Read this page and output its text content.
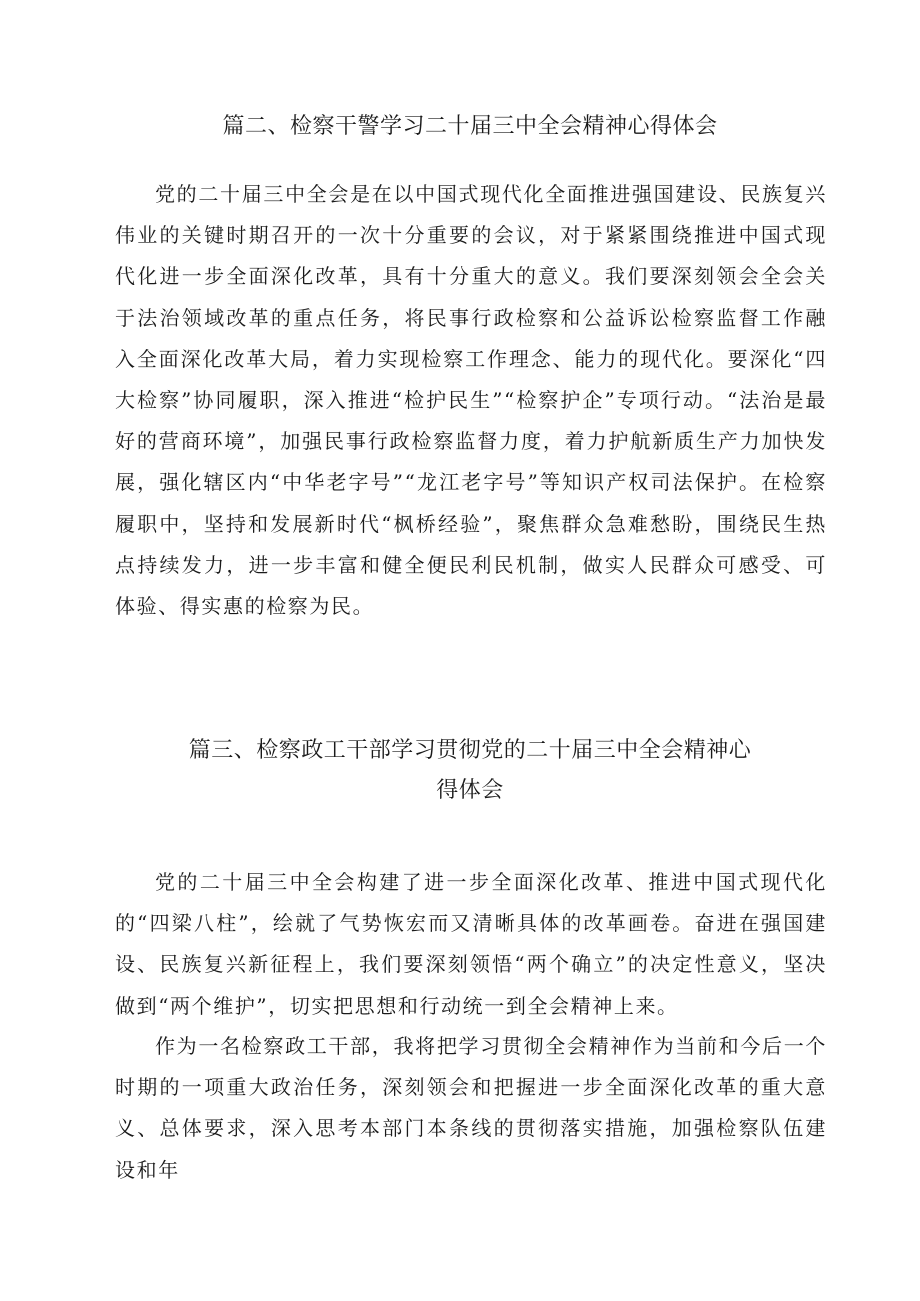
篇二、检察干警学习二十届三中全会精神心得体会

党的二十届三中全会是在以中国式现代化全面推进强国建设、民族复兴伟业的关键时期召开的一次十分重要的会议，对于紧紧围绕推进中国式现代化进一步全面深化改革，具有十分重大的意义。我们要深刻领会全会关于法治领域改革的重点任务，将民事行政检察和公益诉讼检察监督工作融入全面深化改革大局，着力实现检察工作理念、能力的现代化。要深化“四大检察”协同履职，深入推进“检护民生”“检察护企”专项行动。“法治是最好的营商环境”，加强民事行政检察监督力度，着力护航新质生产力加快发展，强化辖区内“中华老字号”“龙江老字号”等知识产权司法保护。在检察履职中，坚持和发展新时代“枫桥经验”，聚焦群众急难愁盼，围绕民生热点持续发力，进一步丰富和健全便民利民机制，做实人民群众可感受、可体验、得实惠的检察为民。

篇三、检察政工干部学习贯彻党的二十届三中全会精神心
得体会

党的二十届三中全会构建了进一步全面深化改革、推进中国式现代化的“四梁八柱”，绘就了气势恢宏而又清晰具体的改革画卷。奋进在强国建设、民族复兴新征程上，我们要深刻领悟“两个确立”的决定性意义，坚决做到“两个维护”，切实把思想和行动统一到全会精神上来。

作为一名检察政工干部，我将把学习贯彻全会精神作为当前和今后一个时期的一项重大政治任务，深刻领会和把握进一步全面深化改革的重大意义、总体要求，深入思考本部门本条线的贯彻落实措施，加强检察队伍建设和年
